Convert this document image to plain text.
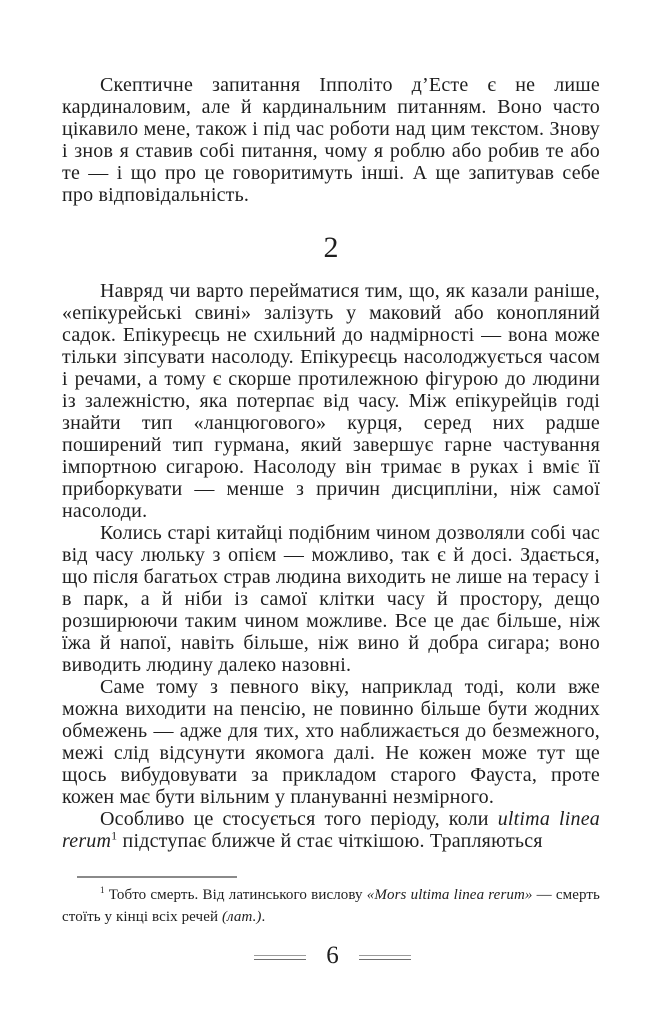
Скептичне запитання Іпполіто д’Есте є не лише кардиналовим, але й кардинальним питанням. Воно часто цікавило мене, також і під час роботи над цим текстом. Знову і знов я ставив собі питання, чому я роблю або робив те або те — і що про це говоритимуть інші. А ще запитував себе про відповідальність.

2

Навряд чи варто перейматися тим, що, як казали раніше, «епікурейські свині» залізуть у маковий або конопляний садок. Епікуреєць не схильний до надмірності — вона може тільки зіпсувати насолоду. Епікуреєць насолоджується часом і речами, а тому є скорше протилежною фігурою до людини із залежністю, яка потерпає від часу. Між епікурейців годі знайти тип «ланцюгового» курця, серед них радше поширений тип гурмана, який завершує гарне частування імпортною сигарою. Насолоду він тримає в руках і вміє її приборкувати — менше з причин дисципліни, ніж самої насолоди.

Колись старі китайці подібним чином дозволяли собі час від часу люльку з опієм — можливо, так є й досі. Здається, що після багатьох страв людина виходить не лише на терасу і в парк, а й ніби із самої клітки часу й простору, дещо розширюючи таким чином можливе. Все це дає більше, ніж їжа й напої, навіть більше, ніж вино й добра сигара; воно виводить людину далеко назовні.

Саме тому з певного віку, наприклад тоді, коли вже можна виходити на пенсію, не повинно більше бути жодних обмежень — адже для тих, хто наближається до безмежного, межі слід відсунути якомога далі. Не кожен може тут ще щось вибудовувати за прикладом старого Фауста, проте кожен має бути вільним у плануванні незмірного.

Особливо це стосується того періоду, коли ultima linea rerum$^1$ підступає ближче й стає чіткішою. Трапляються

$^1$ Тобто смерть. Від латинського вислову «Mors ultima linea rerum» — смерть стоїть у кінці всіх речей (лат.).

6
